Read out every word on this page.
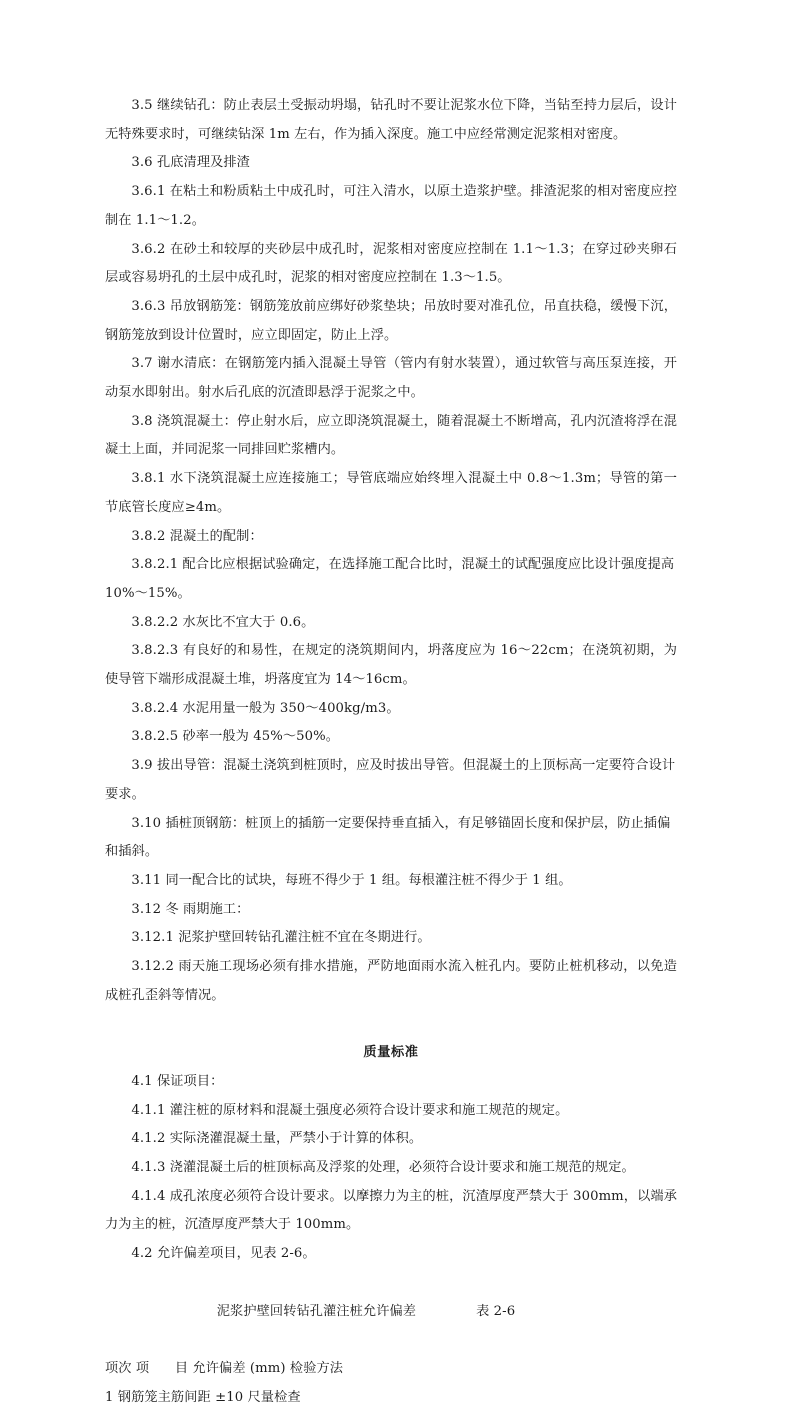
3.5 继续钻孔：防止表层土受振动坍塌，钻孔时不要让泥浆水位下降，当钻至持力层后，设计无特殊要求时，可继续钻深 1m 左右，作为插入深度。施工中应经常测定泥浆相对密度。

3.6 孔底清理及排渣

3.6.1 在粘土和粉质粘土中成孔时，可注入清水，以原土造浆护壁。排渣泥浆的相对密度应控制在 1.1～1.2。

3.6.2 在砂土和较厚的夹砂层中成孔时，泥浆相对密度应控制在 1.1～1.3；在穿过砂夹卵石层或容易坍孔的土层中成孔时，泥浆的相对密度应控制在 1.3～1.5。

3.6.3 吊放钢筋笼：钢筋笼放前应绑好砂浆垫块；吊放时要对准孔位，吊直扶稳，缓慢下沉，钢筋笼放到设计位置时，应立即固定，防止上浮。

3.7 谢水清底：在钢筋笼内插入混凝土导管（管内有射水装置），通过软管与高压泵连接，开动泵水即射出。射水后孔底的沉渣即悬浮于泥浆之中。

3.8 浇筑混凝土：停止射水后，应立即浇筑混凝土，随着混凝土不断增高，孔内沉渣将浮在混凝土上面，并同泥浆一同排回贮浆槽内。

3.8.1 水下浇筑混凝土应连接施工；导管底端应始终埋入混凝土中 0.8～1.3m；导管的第一节底管长度应≥4m。

3.8.2 混凝土的配制：

3.8.2.1 配合比应根据试验确定，在选择施工配合比时，混凝土的试配强度应比设计强度提高 10%～15%。

3.8.2.2 水灰比不宜大于 0.6。

3.8.2.3 有良好的和易性，在规定的浇筑期间内，坍落度应为 16～22cm；在浇筑初期，为使导管下端形成混凝土堆，坍落度宜为 14～16cm。

3.8.2.4 水泥用量一般为 350～400kg/m3。

3.8.2.5 砂率一般为 45%～50%。

3.9 拔出导管：混凝土浇筑到桩顶时，应及时拔出导管。但混凝土的上顶标高一定要符合设计要求。

3.10 插桩顶钢筋：桩顶上的插筋一定要保持垂直插入，有足够锚固长度和保护层，防止插偏和插斜。

3.11 同一配合比的试块，每班不得少于 1 组。每根灌注桩不得少于 1 组。

3.12 冬 雨期施工：

3.12.1 泥浆护壁回转钻孔灌注桩不宜在冬期进行。

3.12.2 雨天施工现场必须有排水措施，严防地面雨水流入桩孔内。要防止桩机移动，以免造成桩孔歪斜等情况。

质量标准

4.1 保证项目：

4.1.1 灌注桩的原材料和混凝土强度必须符合设计要求和施工规范的规定。

4.1.2 实际浇灌混凝土量，严禁小于计算的体积。

4.1.3 浇灌混凝土后的桩顶标高及浮浆的处理，必须符合设计要求和施工规范的规定。

4.1.4 成孔浓度必须符合设计要求。以摩擦力为主的桩，沉渣厚度严禁大于 300mm，以端承力为主的桩，沉渣厚度严禁大于 100mm。

4.2 允许偏差项目，见表 2-6。

泥浆护壁回转钻孔灌注桩允许偏差	表 2-6

项次 项      目 允许偏差 (mm) 检验方法
1 钢筋笼主筋间距 ±10 尺量检查
